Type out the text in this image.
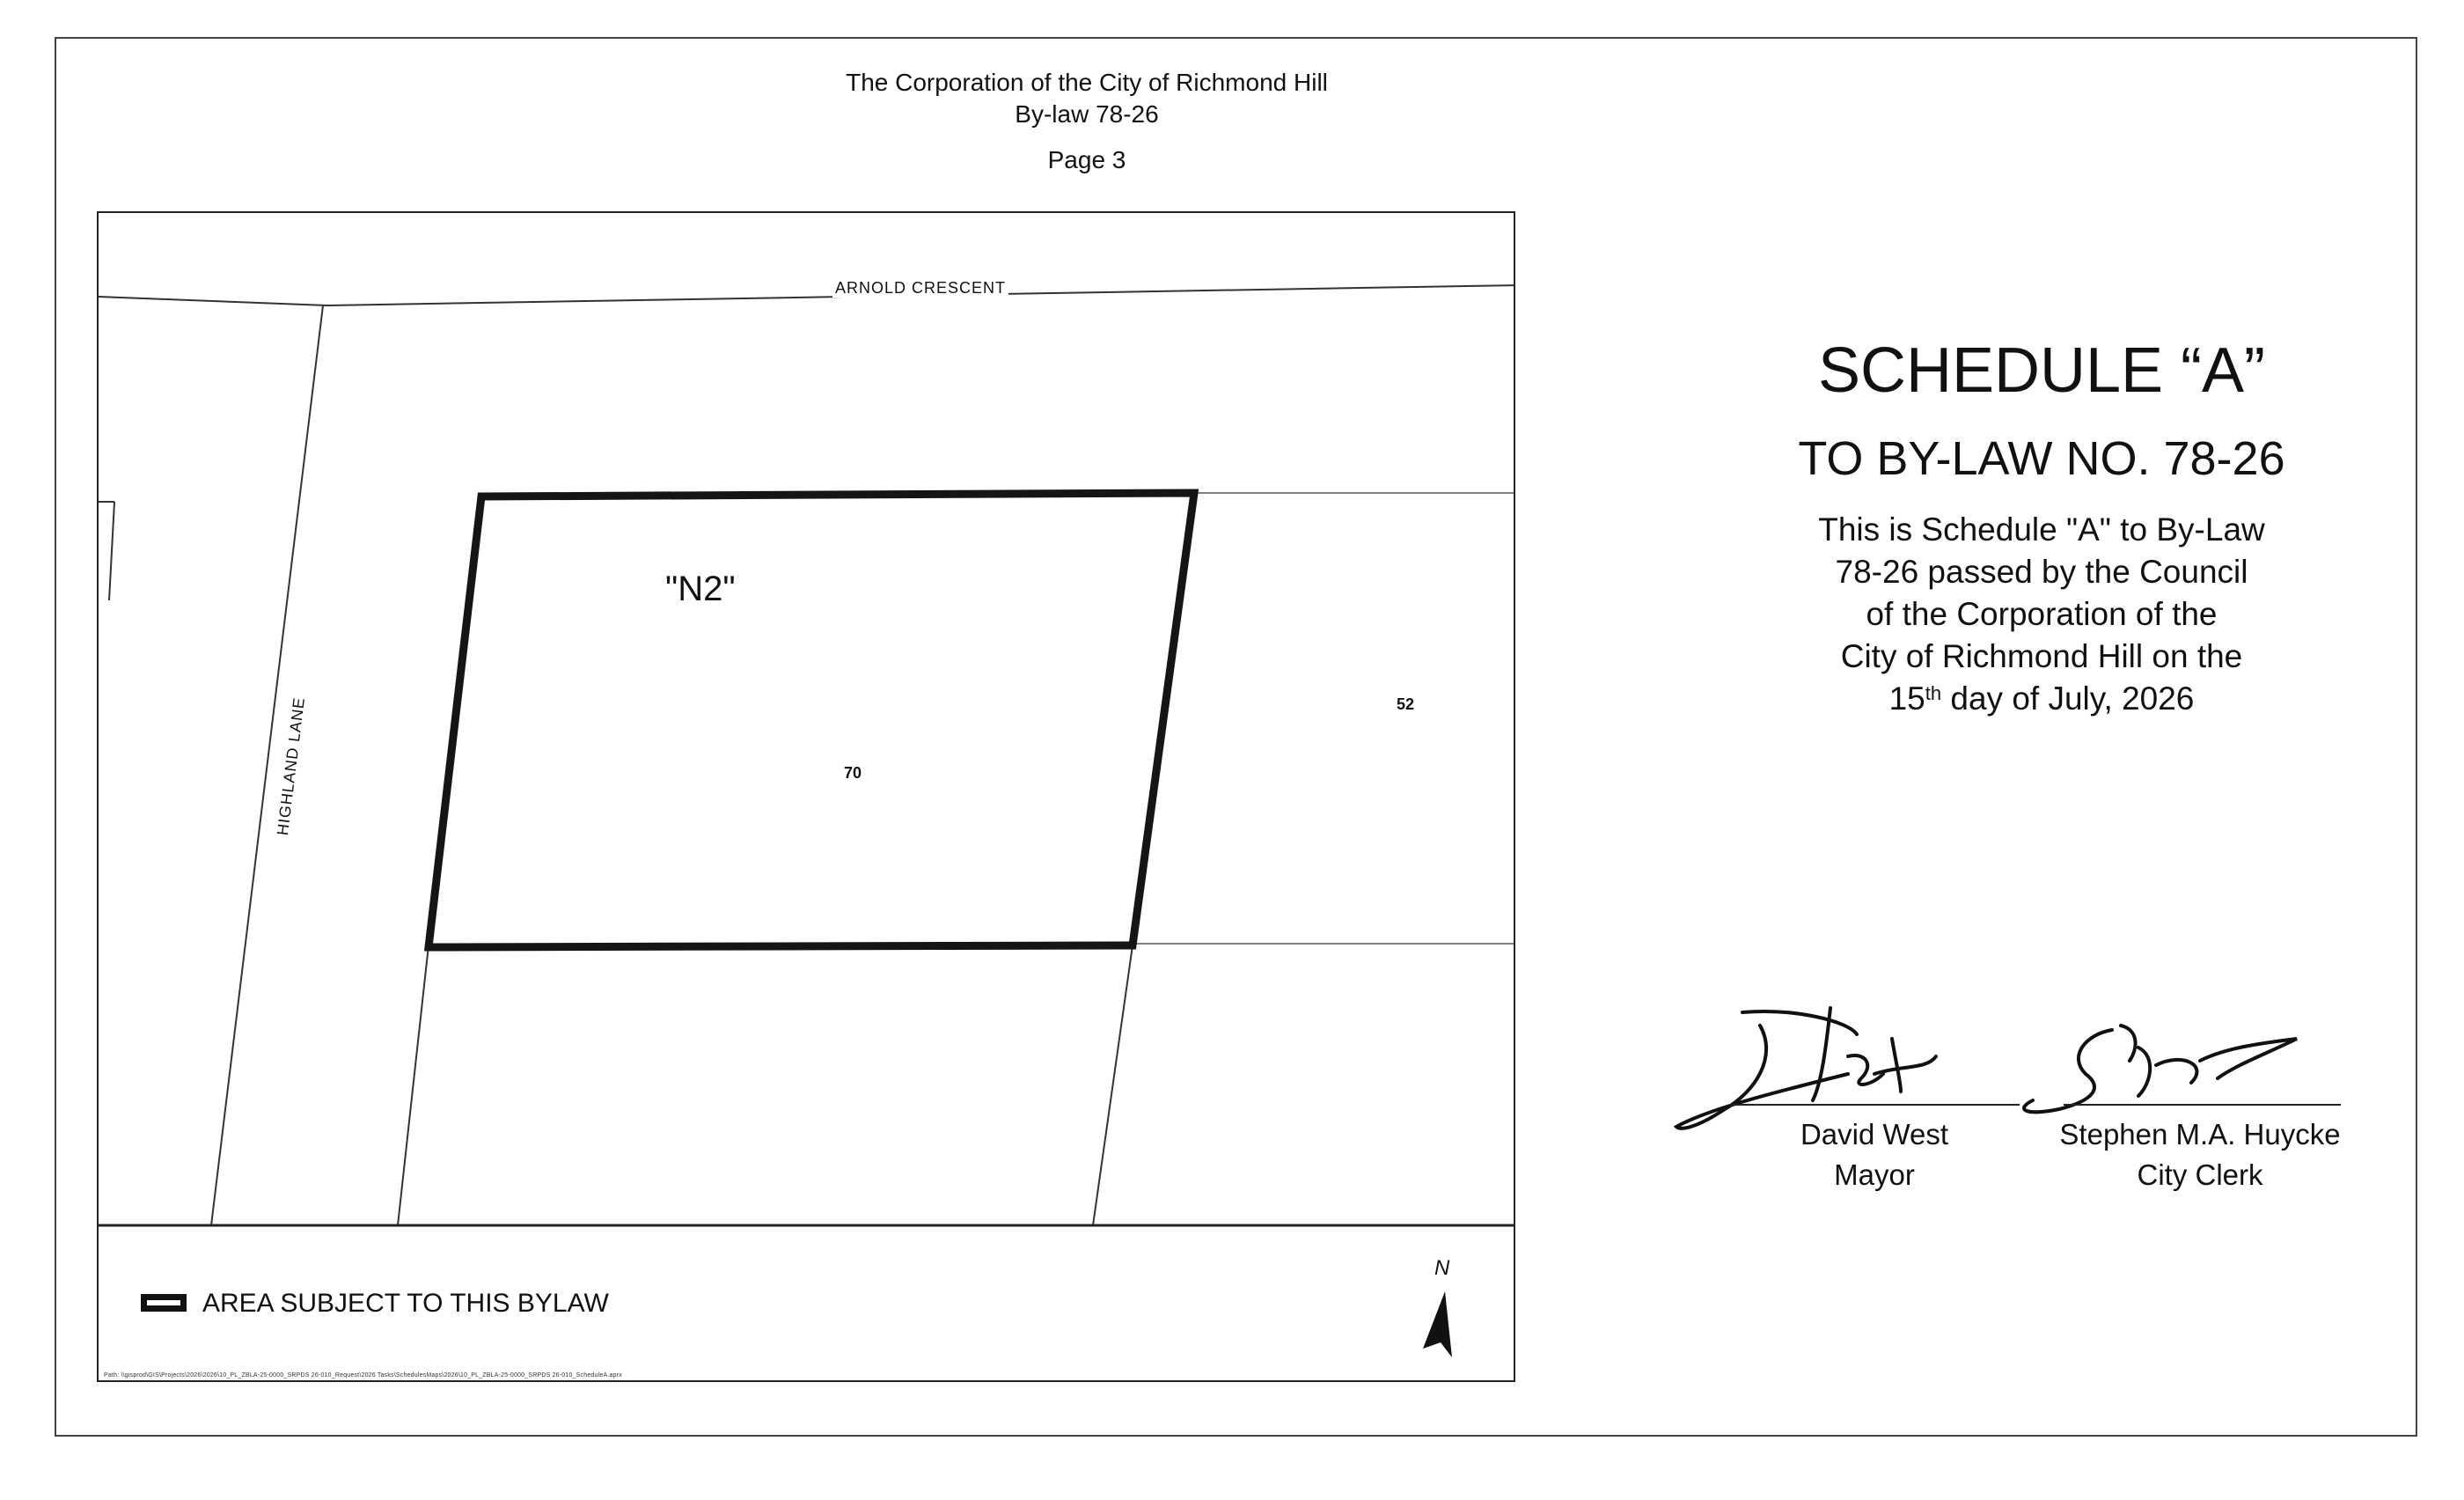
The Corporation of the City of Richmond Hill
By-law 78-26
Page 3
ARNOLD CRESCENT
HIGHLAND LANE
"N2"
70
52
N
AREA SUBJECT TO THIS BYLAW
Path: \\gisprod\GIS\Projects\2026\2026\10_PL_ZBLA-25-0000_SRPDS 26-010_Request\2026 Tasks\SchedulesMaps\2026\10_PL_ZBLA-25-0000_SRPDS 26-010_ScheduleA.aprx
SCHEDULE “A”
TO BY-LAW NO. 78-26
This is Schedule "A" to By-Law
78-26 passed by the Council
of the Corporation of the
City of Richmond Hill on the
15th day of July, 2026
David West
Mayor
Stephen M.A. Huycke
City Clerk
